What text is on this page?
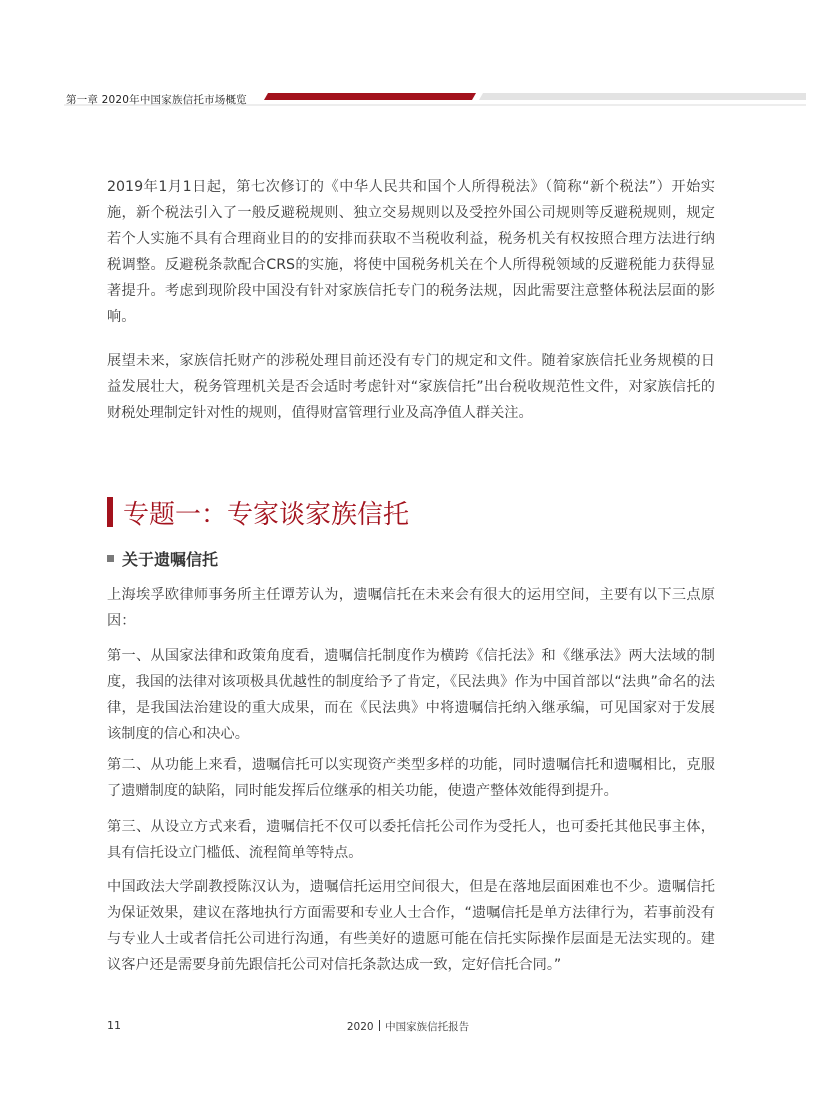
第一章 2020年中国家族信托市场概览
2019年1月1日起，第七次修订的《中华人民共和国个人所得税法》（简称“新个税法”）开始实施，新个税法引入了一般反避税规则、独立交易规则以及受控外国公司规则等反避税规则，规定若个人实施不具有合理商业目的的安排而获取不当税收利益，税务机关有权按照合理方法进行纳税调整。反避税条款配合CRS的实施，将使中国税务机关在个人所得税领域的反避税能力获得显著提升。考虑到现阶段中国没有针对家族信托专门的税务法规，因此需要注意整体税法层面的影响。
展望未来，家族信托财产的涉税处理目前还没有专门的规定和文件。随着家族信托业务规模的日益发展壮大，税务管理机关是否会适时考虑针对“家族信托”出台税收规范性文件，对家族信托的财税处理制定针对性的规则，值得财富管理行业及高净值人群关注。
专题一：专家谈家族信托
关于遗嘱信托
上海埃孚欧律师事务所主任谭芳认为，遗嘱信托在未来会有很大的运用空间，主要有以下三点原因：
第一、从国家法律和政策角度看，遗嘱信托制度作为横跨《信托法》和《继承法》两大法域的制度，我国的法律对该项极具优越性的制度给予了肯定，《民法典》作为中国首部以“法典”命名的法律，是我国法治建设的重大成果，而在《民法典》中将遗嘱信托纳入继承编，可见国家对于发展该制度的信心和决心。
第二、从功能上来看，遗嘱信托可以实现资产类型多样的功能，同时遗嘱信托和遗嘱相比，克服了遗赠制度的缺陷，同时能发挥后位继承的相关功能，使遗产整体效能得到提升。
第三、从设立方式来看，遗嘱信托不仅可以委托信托公司作为受托人，也可委托其他民事主体，具有信托设立门槛低、流程简单等特点。
中国政法大学副教授陈汉认为，遗嘱信托运用空间很大，但是在落地层面困难也不少。遗嘱信托为保证效果，建议在落地执行方面需要和专业人士合作，“遗嘱信托是单方法律行为，若事前没有与专业人士或者信托公司进行沟通，有些美好的遗愿可能在信托实际操作层面是无法实现的。建议客户还是需要身前先跟信托公司对信托条款达成一致，定好信托合同。”
11	2020 中国家族信托报告
